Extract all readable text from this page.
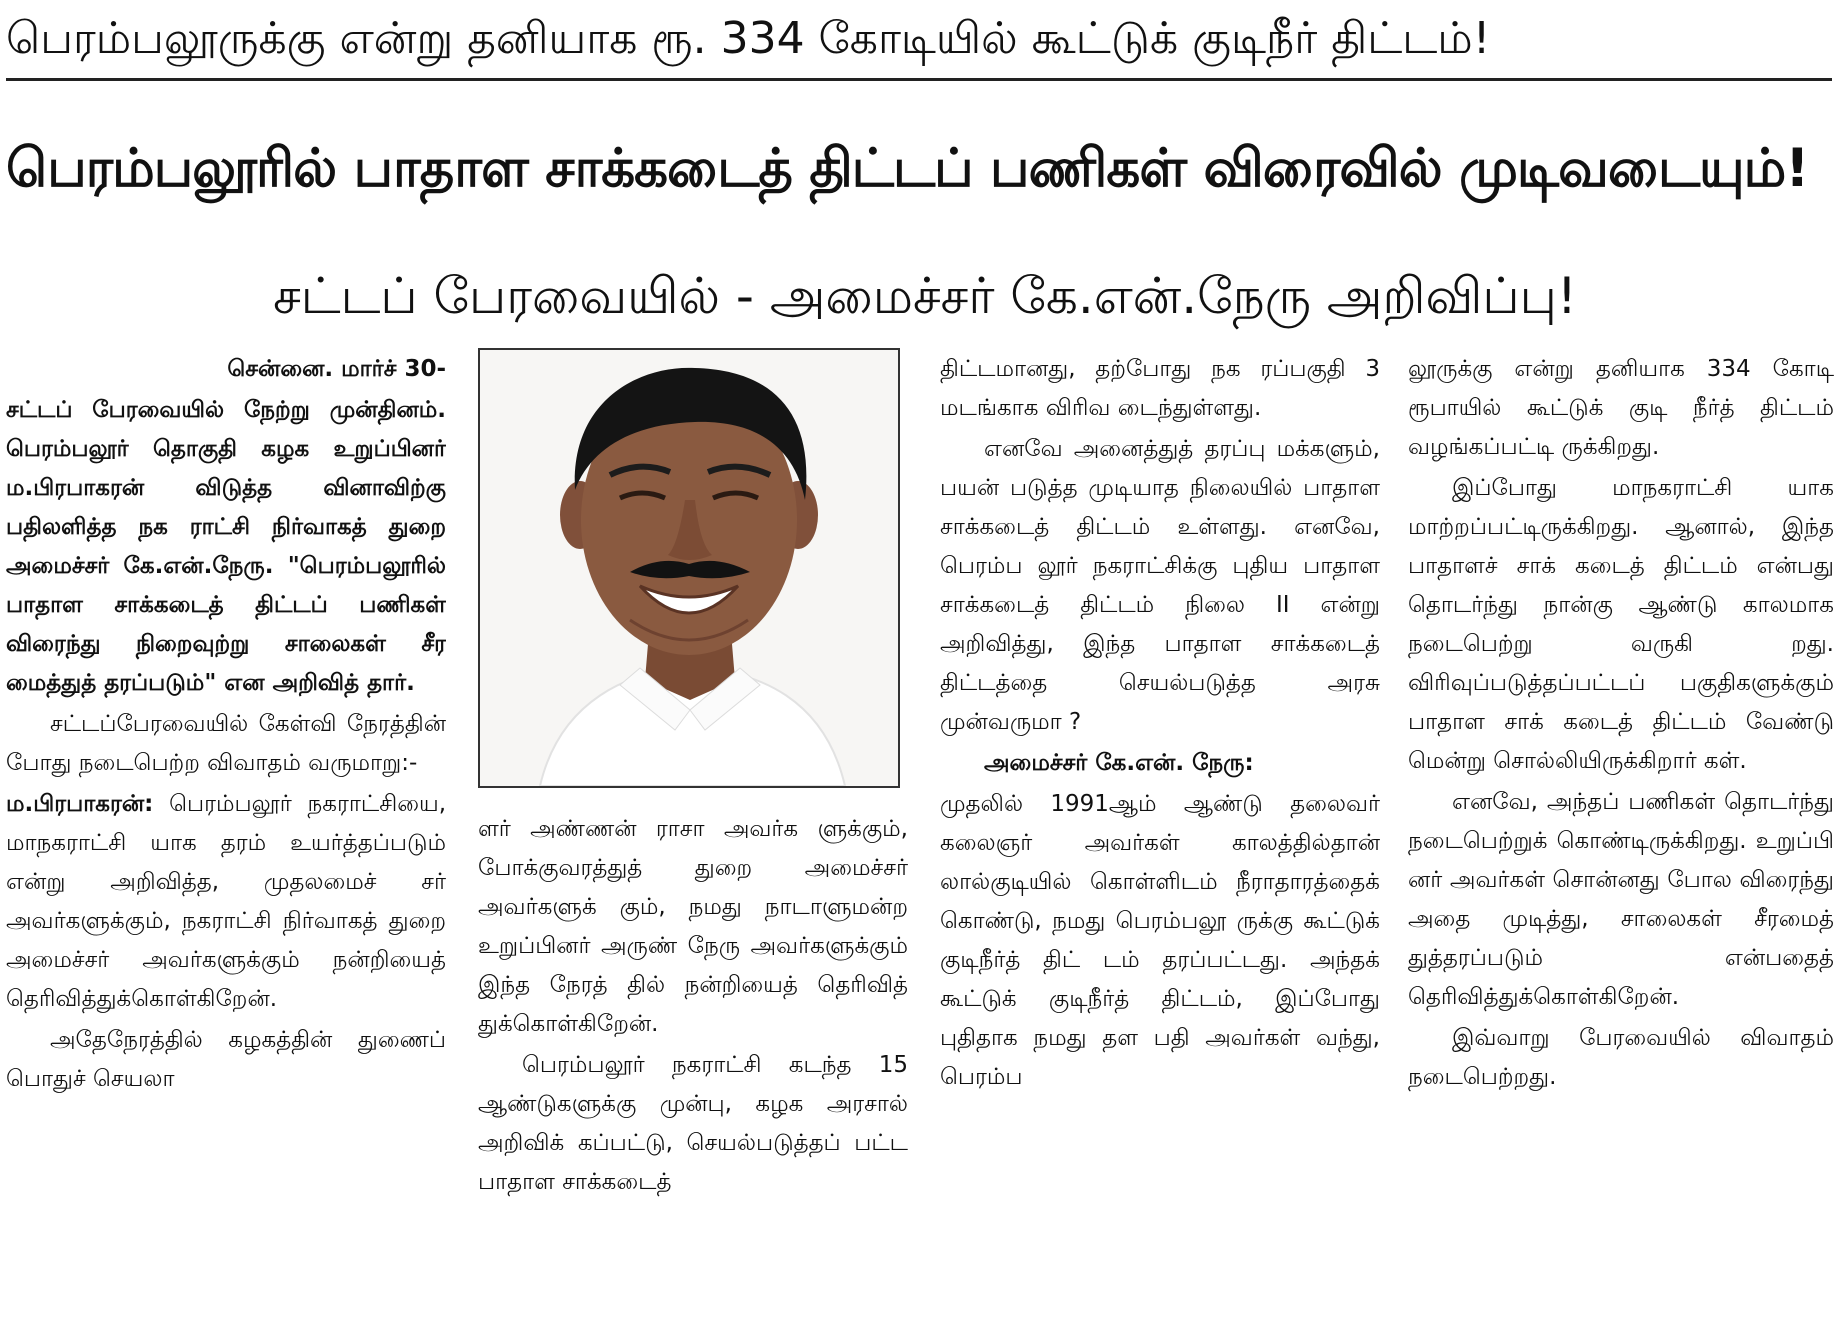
பெரம்பலூருக்கு என்று தனியாக ரூ. 334 கோடியில் கூட்டுக் குடிநீர் திட்டம்!
பெரம்பலூரில் பாதாள சாக்கடைத் திட்டப் பணிகள் விரைவில் முடிவடையும்!
சட்டப் பேரவையில் - அமைச்சர் கே.என்.நேரு அறிவிப்பு!

சென்னை. மார்ச் 30-

சட்டப் பேரவையில் நேற்று முன்தினம். பெரம்பலூர் தொகுதி கழக உறுப்பினர் ம.பிரபாகரன் விடுத்த வினாவிற்கு பதிலளித்த நக ராட்சி நிர்வாகத் துறை அமைச்சர் கே.என்.நேரு. "பெரம்பலூரில் பாதாள சாக்கடைத் திட்டப் பணிகள் விரைந்து நிறைவுற்று சாலைகள் சீர மைத்துத் தரப்படும்" என அறிவித் தார்.

சட்டப்பேரவையில் கேள்வி நேரத்தின் போது நடைபெற்ற விவாதம் வருமாறு:-

ம.பிரபாகரன்: பெரம்பலூர் நகராட்சியை, மாநகராட்சி யாக தரம் உயர்த்தப்படும் என்று அறிவித்த, முதலமைச் சர் அவர்களுக்கும், நகராட்சி நிர்வாகத் துறை அமைச்சர் அவர்களுக்கும் நன்றியைத் தெரிவித்துக்கொள்கிறேன்.

அதேநேரத்தில் கழகத்தின் துணைப் பொதுச் செயலா

ளர் அண்ணன் ராசா அவர்க ளுக்கும், போக்குவரத்துத் துறை அமைச்சர் அவர்களுக் கும், நமது நாடாளுமன்ற உறுப்பினர் அருண் நேரு அவர்களுக்கும் இந்த நேரத் தில் நன்றியைத் தெரிவித் துக்கொள்கிறேன்.

பெரம்பலூர் நகராட்சி கடந்த 15 ஆண்டுகளுக்கு முன்பு, கழக அரசால் அறிவிக் கப்பட்டு, செயல்படுத்தப் பட்ட பாதாள சாக்கடைத்

திட்டமானது, தற்போது நக ரப்பகுதி 3 மடங்காக விரிவ டைந்துள்ளது.

எனவே அனைத்துத் தரப்பு மக்களும், பயன் படுத்த முடியாத நிலையில் பாதாள சாக்கடைத் திட்டம் உள்ளது. எனவே, பெரம்ப லூர் நகராட்சிக்கு புதிய பாதாள சாக்கடைத் திட்டம் நிலை II என்று அறிவித்து, இந்த பாதாள சாக்கடைத் திட்டத்தை செயல்படுத்த அரசு முன்வருமா ?

அமைச்சர் கே.என். நேரு:

முதலில் 1991ஆம் ஆண்டு தலைவர் கலைஞர் அவர்கள் காலத்தில்தான் லால்குடியில் கொள்ளிடம் நீராதாரத்தைக் கொண்டு, நமது பெரம்பலூ ருக்கு கூட்டுக் குடிநீர்த் திட் டம் தரப்பட்டது. அந்தக் கூட்டுக் குடிநீர்த் திட்டம், இப்போது புதிதாக நமது தள பதி அவர்கள் வந்து, பெரம்ப

லூருக்கு என்று தனியாக 334 கோடி ரூபாயில் கூட்டுக் குடி நீர்த் திட்டம் வழங்கப்பட்டி ருக்கிறது.

இப்போது மாநகராட்சி யாக மாற்றப்பட்டிருக்கிறது. ஆனால், இந்த பாதாளச் சாக் கடைத் திட்டம் என்பது தொடர்ந்து நான்கு ஆண்டு காலமாக நடைபெற்று வருகி றது. விரிவுப்படுத்தப்பட்டப் பகுதிகளுக்கும் பாதாள சாக் கடைத் திட்டம் வேண்டு மென்று சொல்லியிருக்கிறார் கள்.

எனவே, அந்தப் பணிகள் தொடர்ந்து நடைபெற்றுக் கொண்டிருக்கிறது. உறுப்பி னர் அவர்கள் சொன்னது போல விரைந்து அதை முடித்து, சாலைகள் சீரமைத் துத்தரப்படும் என்பதைத் தெரிவித்துக்கொள்கிறேன்.

இவ்வாறு பேரவையில் விவாதம் நடைபெற்றது.
